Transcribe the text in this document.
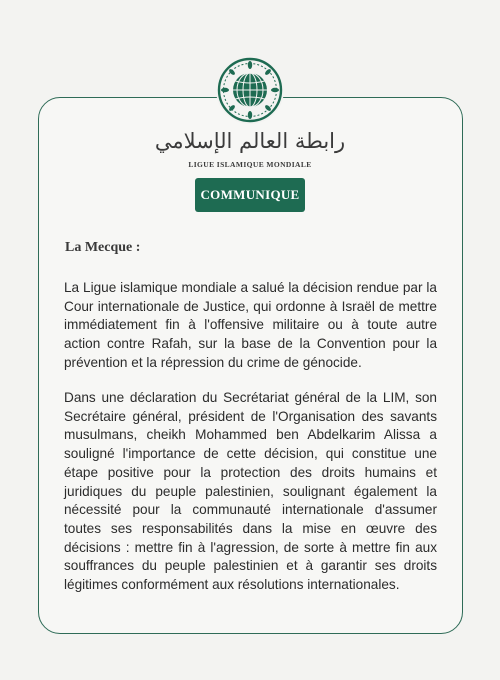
رابطة العالم الإسلامي
LIGUE ISLAMIQUE MONDIALE
COMMUNIQUE
La Mecque :

La Ligue islamique mondiale a salué la décision rendue par la Cour internationale de Justice, qui ordonne à Israël de mettre immédiatement fin à l'offensive militaire ou à toute autre action contre Rafah, sur la base de la Convention pour la prévention et la répression du crime de génocide.

Dans une déclaration du Secrétariat général de la LIM, son Secrétaire général, président de l'Organisation des savants musulmans, cheikh Mohammed ben Abdelkarim Alissa a souligné l'importance de cette décision, qui constitue une étape positive pour la protection des droits humains et juridiques du peuple palestinien, soulignant également la nécessité pour la communauté internationale d'assumer toutes ses responsabilités dans la mise en œuvre des décisions : mettre fin à l'agression, de sorte à mettre fin aux souffrances du peuple palestinien et à garantir ses droits légitimes conformément aux résolutions internationales.
